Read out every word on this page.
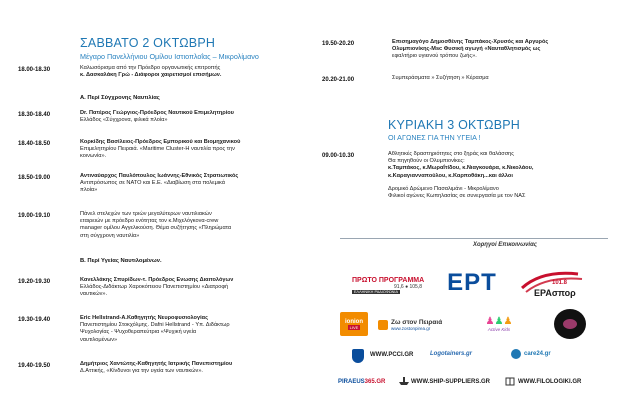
ΣΑΒΒΑΤΟ 2 ΟΚΤΩΒΡΗ
Μέγαρο Πανελλήνιου Ομίλου Ιστιοπλοΐας – Μικρολίμανο
18.00-18.30	Καλωσόρισμα από την Πρόεδρο οργανωτικής επιτροπής
κ. Δασκαλάκη Γρώ - Διάφοροι χαιρετισμοί επισήμων.
Α. Περί Σύγχρονης Ναυτιλίας
18.30-18.40	Dr. Πατέρος Γεώργιος-Πρόεδρος Ναυτικού Επιμελητηρίου
Ελλάδος «Σύγχρονα, φιλικά πλοία»
18.40-18.50	Κορκίδης Βασίλειος-Πρόεδρος Εμπορικού και Βιομηχανικού
Επιμελητηρίου Πειραιά. «Maritime Cluster-Η ναυτιλία προς την
κοινωνία».
18.50-19.00	Αντιναύαρχος Παυλόπουλος Ιωάννης-Εθνικός Στρατιωτικός
Αντιπρόσωπος σε ΝΑΤΟ και Ε.Ε. «Διαβίωση στα πολεμικά
πλοία»
19.00-19.10	Πάνελ στελεχών των τριών μεγαλύτερων ναυτιλιακών
εταιρειών με πρόεδρο ενότητας τον κ.Μιχελόγκονα-crew
manager ομίλου Αγγελικούση. Θέμα συζήτησης «Πληρώματα
στη σύγχρονη ναυτιλία»
Β. Περί Υγείας Ναυτιλομένων.
19.20-19.30	Κανελλάκης Σπυρίδων-τ. Πρόεδρος Ενωσης Διαιτολόγων
Ελλάδος-Διδάκτωρ Χαροκόπειου Πανεπιστημίου «Διατροφή
ναυτικών».
19.30-19.40	Eric Hellstrand-Α.Καθηγητής Νευροφυσιολογίας
Πανεπιστημίου Στοκχόλμης. Dafni Hellstrand - Υπ. Διδάκτωρ
Ψυχολογίας - Ψυχοθεραπεύτρια «Ψυχική υγεία
ναυτιλομένων»
19.40-19.50	Δημήτριος Χαντώτης-Καθηγητής Ιατρικής Πανεπιστημίου
Δ.Αττικής, «Κίνδυνοι για την υγεία των ναυτικών».
19.50-20.20	Επισημαγόγο Δημοσθένης Ταμπάκος-Χρυσός και Αργυρός
Ολυμπιονίκης-Msc Φυσική αγωγή «Ναυταθλητισμός ως
εφαλτήριο υγιεινού τρόπου ζωής».
20.20-21.00	Συμπεράσματα » Συζήτηση » Κέρασμα
ΚΥΡΙΑΚΗ 3 ΟΚΤΩΒΡΗ
ΟΙ ΑΓΩΝΕΣ ΓΙΑ ΤΗΝ ΥΓΕΙΑ !
09.00-10.30	Αθλητικές δραστηριότητες στο ξηράς και θαλάσσης
Θα πηγηθούν οι Ολυμπιονίκες:
κ.Ταμπάκος, κ.Μωραΐτίδου, κ.Νιαγκουάρα, κ.Νικολάου,
κ.Καραγιανναπούλου, κ.Καρποθάκη...και άλλοι
Δρομικό Δρώμενο Πασαλιμάνι - Μικρολίμανο
Φιλικοί αγώνες Κωπηλασίας σε συνεργασία με τον ΝΑΣ
Χορηγοί Επικοινωνίας
ΠΡΩΤΟ ΠΡΟΓΡΑΜΜΑ
91,6 ● 105,8
ΕΛΛΗΝΙΚΗ ΡΑΔΙΟΦΩΝΙΑ ΕΡΤ	101.8
ΕΡΑσπορ
ionion
LIVE
Ζω στον Πειραιά
www.zostonpirea.gr
♟♟♟
Active Kids
WWW.PCCI.GR	Logotainers.gr	care24.gr
PIRAEUS365.GR	WWW.SHIP-SUPPLIERS.GR	WWW.FILOLOGIKI.GR
